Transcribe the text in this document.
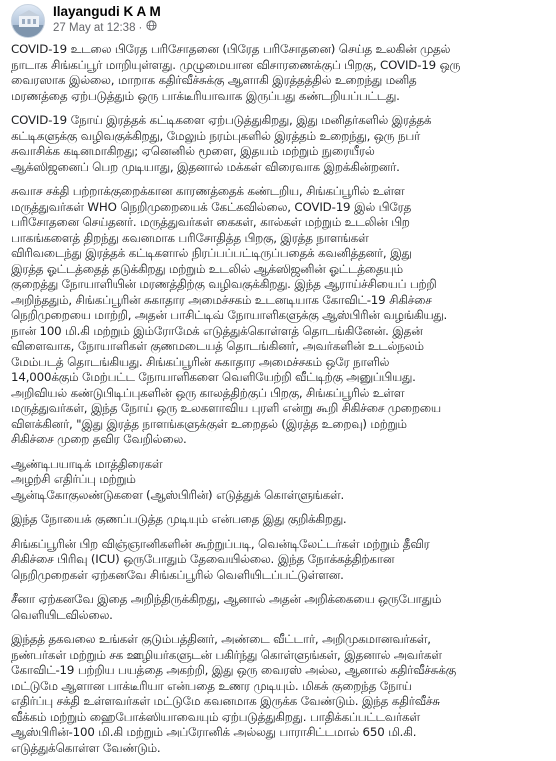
Ilayangudi K A M
27 May at 12:38 ·
COVID-19 உடலை பிரேத பரிசோதனை (பிரேத பரிசோதனை) செய்த உலகின் முதல்
நாடாக சிங்கப்பூர் மாறியுள்ளது. முழுமையான விசாரணைக்குப் பிறகு, COVID-19 ஒரு
வைரஸாக இல்லை, மாறாக கதிர்வீச்சுக்கு ஆளாகி இரத்தத்தில் உறைந்து மனித
மரணத்தை ஏற்படுத்தும் ஒரு பாக்டீரியாவாக இருப்பது கண்டறியப்பட்டது.
COVID-19 நோய் இரத்தக் கட்டிகளை ஏற்படுத்துகிறது, இது மனிதர்களில் இரத்தக்
கட்டிகளுக்கு வழிவகுக்கிறது, மேலும் நரம்புகளில் இரத்தம் உறைந்து, ஒரு நபர்
சுவாசிக்க கடினமாகிறது; ஏனெனில் மூளை, இதயம் மற்றும் நுரையீரல்
ஆக்ஸிஜனைப் பெற முடியாது, இதனால் மக்கள் விரைவாக இறக்கின்றனர்.
சுவாச சக்தி பற்றாக்குறைக்கான காரணத்தைக் கண்டறிய, சிங்கப்பூரில் உள்ள
மருத்துவர்கள் WHO நெறிமுறையைக் கேட்கவில்லை, COVID-19 இல் பிரேத
பரிசோதனை செய்தனர். மருத்துவர்கள் கைகள், கால்கள் மற்றும் உடலின் பிற
பாகங்களைத் திறந்து கவனமாக பரிசோதித்த பிறகு, இரத்த நாளங்கள்
விரிவடைந்து இரத்தக் கட்டிகளால் நிரப்பப்பட்டிருப்பதைக் கவனித்தனர், இது
இரத்த ஓட்டத்தைத் தடுக்கிறது மற்றும் உடலில் ஆக்ஸிஜனின் ஓட்டத்தையும்
குறைத்து நோயாளியின் மரணத்திற்கு வழிவகுக்கிறது. இந்த ஆராய்ச்சியைப் பற்றி
அறிந்ததும், சிங்கப்பூரின் சுகாதார அமைச்சகம் உடனடியாக கோவிட்-19 சிகிச்சை
நெறிமுறையை மாற்றி, அதன் பாசிட்டிவ் நோயாளிகளுக்கு ஆஸ்பிரின் வழங்கியது.
நான் 100 மி.கி மற்றும் இம்ரோமேக் எடுத்துக்கொள்ளத் தொடங்கினேன். இதன்
விளைவாக, நோயாளிகள் குணமடையத் தொடங்கினர், அவர்களின் உடல்நலம்
மேம்படத் தொடங்கியது. சிங்கப்பூரின் சுகாதார அமைச்சகம் ஒரே நாளில்
14,000க்கும் மேற்பட்ட நோயாளிகளை வெளியேற்றி வீட்டிற்கு அனுப்பியது.
அறிவியல் கண்டுபிடிப்புகளின் ஒரு காலத்திற்குப் பிறகு, சிங்கப்பூரில் உள்ள
மருத்துவர்கள், இந்த நோய் ஒரு உலகளாவிய புரளி என்று கூறி சிகிச்சை முறையை
விளக்கினர், "இது இரத்த நாளங்களுக்குள் உறைதல் (இரத்த உறைவு) மற்றும்
சிகிச்சை முறை தவிர வேறில்லை.
ஆண்டிபயாடிக் மாத்திரைகள்
அழற்சி எதிர்ப்பு மற்றும்
ஆன்டிகோகுலண்டுகளை (ஆஸ்பிரின்) எடுத்துக் கொள்ளுங்கள்.
இந்த நோயைக் குணப்படுத்த முடியும் என்பதை இது குறிக்கிறது.
சிங்கப்பூரின் பிற விஞ்ஞானிகளின் கூற்றுப்படி, வென்டிலேட்டர்கள் மற்றும் தீவிர
சிகிச்சை பிரிவு (ICU) ஒருபோதும் தேவையில்லை. இந்த நோக்கத்திற்கான
நெறிமுறைகள் ஏற்கனவே சிங்கப்பூரில் வெளியிடப்பட்டுள்ளன.
சீனா ஏற்கனவே இதை அறிந்திருக்கிறது, ஆனால் அதன் அறிக்கையை ஒருபோதும்
வெளியிடவில்லை.
இந்தத் தகவலை உங்கள் குடும்பத்தினர், அண்டை வீட்டார், அறிமுகமானவர்கள்,
நண்பர்கள் மற்றும் சக ஊழியர்களுடன் பகிர்ந்து கொள்ளுங்கள், இதனால் அவர்கள்
கோவிட்-19 பற்றிய பயத்தை அகற்றி, இது ஒரு வைரஸ் அல்ல, ஆனால் கதிர்வீச்சுக்கு
மட்டுமே ஆளான பாக்டீரியா என்பதை உணர முடியும். மிகக் குறைந்த நோய்
எதிர்ப்பு சக்தி உள்ளவர்கள் மட்டுமே கவனமாக இருக்க வேண்டும். இந்த கதிர்வீச்சு
வீக்கம் மற்றும் ஹைபோக்ஸியாவையும் ஏற்படுத்துகிறது. பாதிக்கப்பட்டவர்கள்
ஆஸ்பிரின்-100 மி.கி மற்றும் அப்ரோனிக் அல்லது பாராசிட்டமால் 650 மி.கி.
எடுத்துக்கொள்ள வேண்டும்.
